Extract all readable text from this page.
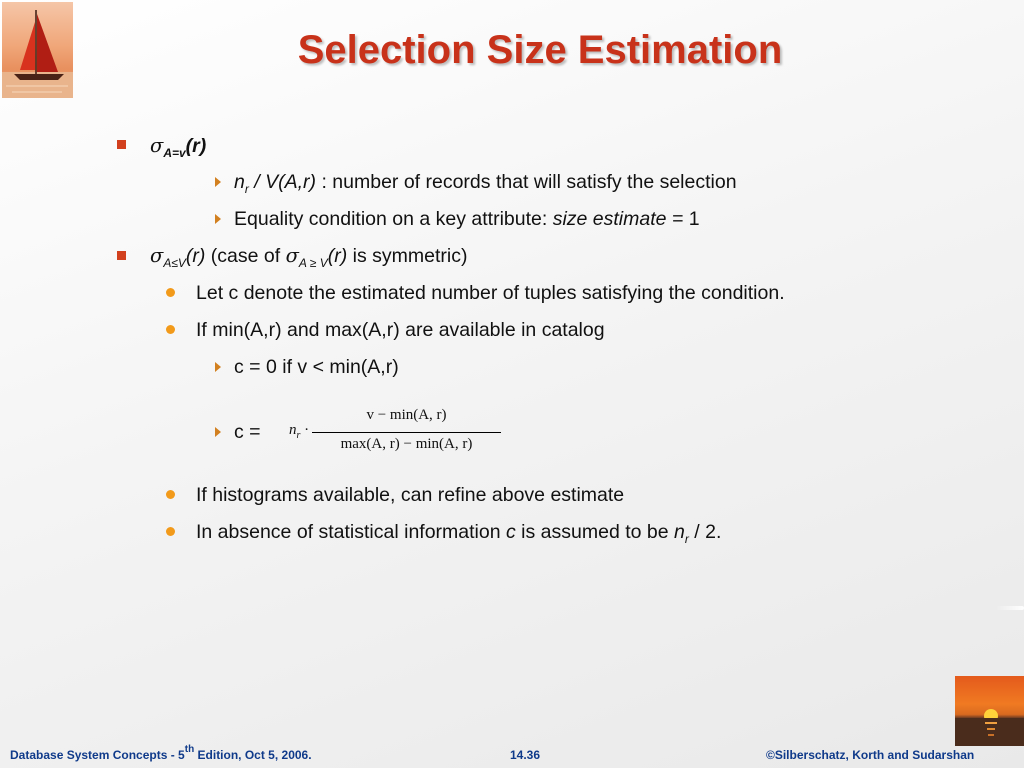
Selection Size Estimation
$\sigma_{A=v}(r)$
$n_r / V(A,r)$ : number of records that will satisfy the selection
Equality condition on a key attribute: size estimate = 1
$\sigma_{A\le V}(r)$ (case of $\sigma_{A \ge V}(r)$ is symmetric)
Let c denote the estimated number of tuples satisfying the condition.
If min(A,r) and max(A,r) are available in catalog
c = 0 if v < min(A,r)
$c = n_r$ ·
v − min(A, r)
max(A, r) − min(A, r)
If histograms available, can refine above estimate
In absence of statistical information c is assumed to be $n_r / 2$.
Database System Concepts - 5th Edition, Oct 5, 2006.	14.36	©Silberschatz, Korth and Sudarshan
